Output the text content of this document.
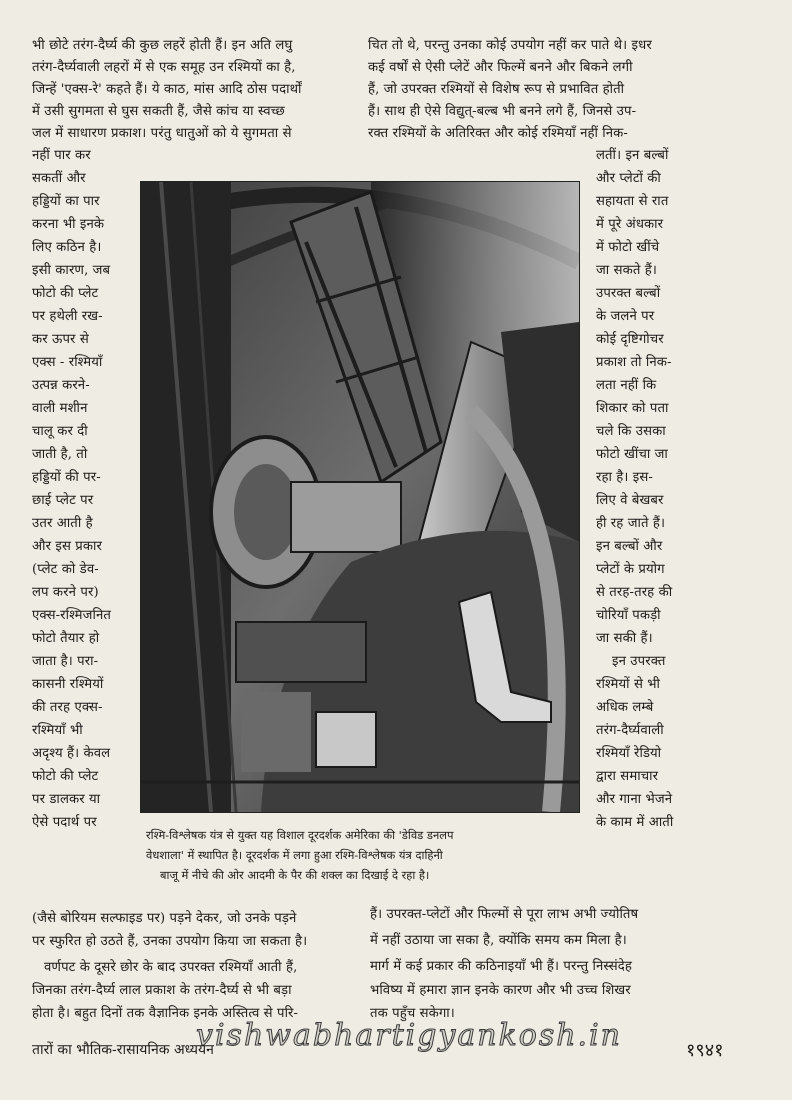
भी छोटे तरंग-दैर्घ्य की कुछ लहरें होती हैं। इन अति लघु
तरंग-दैर्घ्यवाली लहरों में से एक समूह उन रश्मियों का है,
जिन्हें 'एक्स-रे' कहते हैं। ये काठ, मांस आदि ठोस पदार्थों
में उसी सुगमता से घुस सकती हैं, जैसे कांच या स्वच्छ
जल में साधारण प्रकाश। परंतु धातुओं को ये सुगमता से
नहीं पार कर
सकतीं और
हड्डियों का पार
करना भी इनके
लिए कठिन है।
इसी कारण, जब
फोटो की प्लेट
पर हथेली रख-
कर ऊपर से
एक्स - रश्मियाँ
उत्पन्न करने-
वाली मशीन
चालू कर दी
जाती है, तो
हड्डियों की पर-
छाई प्लेट पर
उतर आती है
और इस प्रकार
(प्लेट को डेव-
लप करने पर)
एक्स-रश्मिजनित
फोटो तैयार हो
जाता है। परा-
कासनी रश्मियों
की तरह एक्स-
रश्मियाँ भी
अदृश्य हैं। केवल
फोटो की प्लेट
पर डालकर या
ऐसे पदार्थ पर
चित तो थे, परन्तु उनका कोई उपयोग नहीं कर पाते थे। इधर
कई वर्षों से ऐसी प्लेटें और फिल्में बनने और बिकने लगी
हैं, जो उपरक्त रश्मियों से विशेष रूप से प्रभावित होती
हैं। साथ ही ऐसे विद्युत्-बल्ब भी बनने लगे हैं, जिनसे उप-
रक्त रश्मियों के अतिरिक्त और कोई रश्मियाँ नहीं निक-
लतीं। इन बल्बों
और प्लेटों की
सहायता से रात
में पूरे अंधकार
में फोटो खींचे
जा सकते हैं।
उपरक्त बल्बों
के जलने पर
कोई दृष्टिगोचर
प्रकाश तो निक-
लता नहीं कि
शिकार को पता
चले कि उसका
फोटो खींचा जा
रहा है। इस-
लिए वे बेखबर
ही रह जाते हैं।
इन बल्बों और
प्लेटों के प्रयोग
से तरह-तरह की
चोरियाँ पकड़ी
जा सकी हैं।
इन उपरक्त
रश्मियों से भी
अधिक लम्बे
तरंग-दैर्घ्यवाली
रश्मियाँ रेडियो
द्वारा समाचार
और गाना भेजने
के काम में आती
रश्मि-विश्लेषक यंत्र से युक्त यह विशाल दूरदर्शक अमेरिका की 'डेविड डनलप
वेधशाला' में स्थापित है। दूरदर्शक में लगा हुआ रश्मि-विश्लेषक यंत्र दाहिनी
बाजू में नीचे की ओर आदमी के पैर की शक्ल का दिखाई दे रहा है।
(जैसे बोरियम सल्फाइड पर) पड़ने देकर, जो उनके पड़ने
पर स्फुरित हो उठते हैं, उनका उपयोग किया जा सकता है।
वर्णपट के दूसरे छोर के बाद उपरक्त रश्मियाँ आती हैं,
जिनका तरंग-दैर्घ्य लाल प्रकाश के तरंग-दैर्घ्य से भी बड़ा
होता है। बहुत दिनों तक वैज्ञानिक इनके अस्तित्व से परि-
हैं। उपरक्त-प्लेटों और फिल्मों से पूरा लाभ अभी ज्योतिष
में नहीं उठाया जा सका है, क्योंकि समय कम मिला है।
मार्ग में कई प्रकार की कठिनाइयाँ भी हैं। परन्तु निस्संदेह
भविष्य में हमारा ज्ञान इनके कारण और भी उच्च शिखर
तक पहुँच सकेगा।
vishwabhartigyankosh.in
तारों का भौतिक-रासायनिक अध्ययन	१९४१
